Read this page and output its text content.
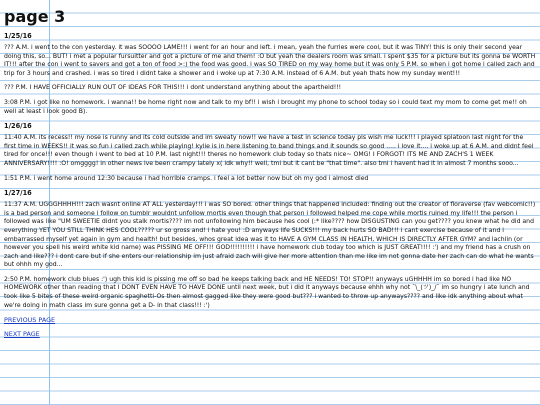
page 3
1/25/16

??? A.M. i went to the con yesterday. it was SOOOO LAME!!! i went for an hour and left. i mean, yeah the furries were cool, but it was TINY! this is only their second year doing this, so... BUT! i met a popular fursuitter and got a picture of me and them! :O but yeah the dealers room was small. i spent $35 for a picture but its gonna be WORTH IT!!! after the con i went to savers and got a ton of food >:) the food was good. i was SO TIRED on my way home but it was only 5 P.M. so when i got home i called zach and trip for 3 hours and crashed. i was so tired i didnt take a shower and i woke up at 7:30 A.M. instead of 6 A.M. but yeah thats how my sunday went!!!

??? P.M. I HAVE OFFICIALLY RUN OUT OF IDEAS FOR THIS!!! i dont understand anything about the apartheid!!!

3:08 P.M. i got like no homework. i wanna!! be home right now and talk to my bf!! i wish i brought my phone to school today so i could text my mom to come get me!! oh well at least i look good B).

1/26/16

11:40 A.M. its recess!! my nose is runny and its cold outside and im sweaty now!! we have a test in science today pls wish me luck!!! i played splatoon last night for the first time in WEEKS!! it was so fun i called zach while playing! kylie is in here listening to band things and it sounds so good ..... i love it.... i woke up at 6 A.M. and didnt feel tired for once!!! even though i went to bed at 10 P.M. last night!!! theres no homework club today so thats nice~ OMG! I FORGOT! ITS ME AND ZACH'S 1 WEEK ANNIVERSARY!!!! :O! omgggg! in other news ive been crampy lately x( idk why!! well, tmi but it cant be "that time". also tmi i havent had it in almost 7 months sooo...

1:51 P.M. i went home around 12:30 because i had horrible cramps. i feel a lot better now but oh my god i almost died

1/27/16

11:37 A.M. UGGGHHHH!!! zach wasnt online AT ALL yesterday!!! i was SO bored. other things that happened included: finding out the creator of floraverse (fav webcomic!!) is a bad person and someone i follow on tumblr wouldnt unfollow mortis even though that person i followed helped me cope while mortis ruined my life!!! the person i followed was like "UM SWEETIE didnt you stalk mortis???? im not unfollowing him because hes cool (:* like???? how DISGUSTING can you get???? you knew what he did and everything YET YOU STILL THINK HES COOL????? ur so gross and! i hate you! :D anyways life SUCKS!!! my back hurts SO BAD!!! i cant exercise because of it and i embarrassed myself yet again in gym and health! but besides, whos great idea was it to HAVE A GYM CLASS IN HEALTH, WHICH IS DIRECTLY AFTER GYM? and lachlin (or however you spell his weird white kid name) was PISSING ME OFF!!! GOD!!!!!!!!!! i have homework club today too which is JUST GREAT!!!! :') and my friend has a crush on zach and like??? i dont care but if she enters our relationship im just afraid zach will give her more attention than me like im not gonna date her zach can do what he wants but ohhh my god...

2:50 P.M. homework club blues :') ugh this kid is pissing me off so bad he keeps talking back and HE NEEDS! TO! STOP!! anyways uGHHHH im so bored i had like NO HOMEWORK other than reading that I DONT EVEN HAVE TO HAVE DONE until next week, but i did it anyways because ehhh why not ¯\_(ツ)_/¯ im so hungry i ate lunch and took like 5 bites of these weird organic spaghetti-Os then almost gagged like they were good but??? i wanted to throw up anyways???? and like idk anything about what we're doing in math class im sure gonna get a D- in that class!!! :')

PREVIOUS PAGE
NEXT PAGE
